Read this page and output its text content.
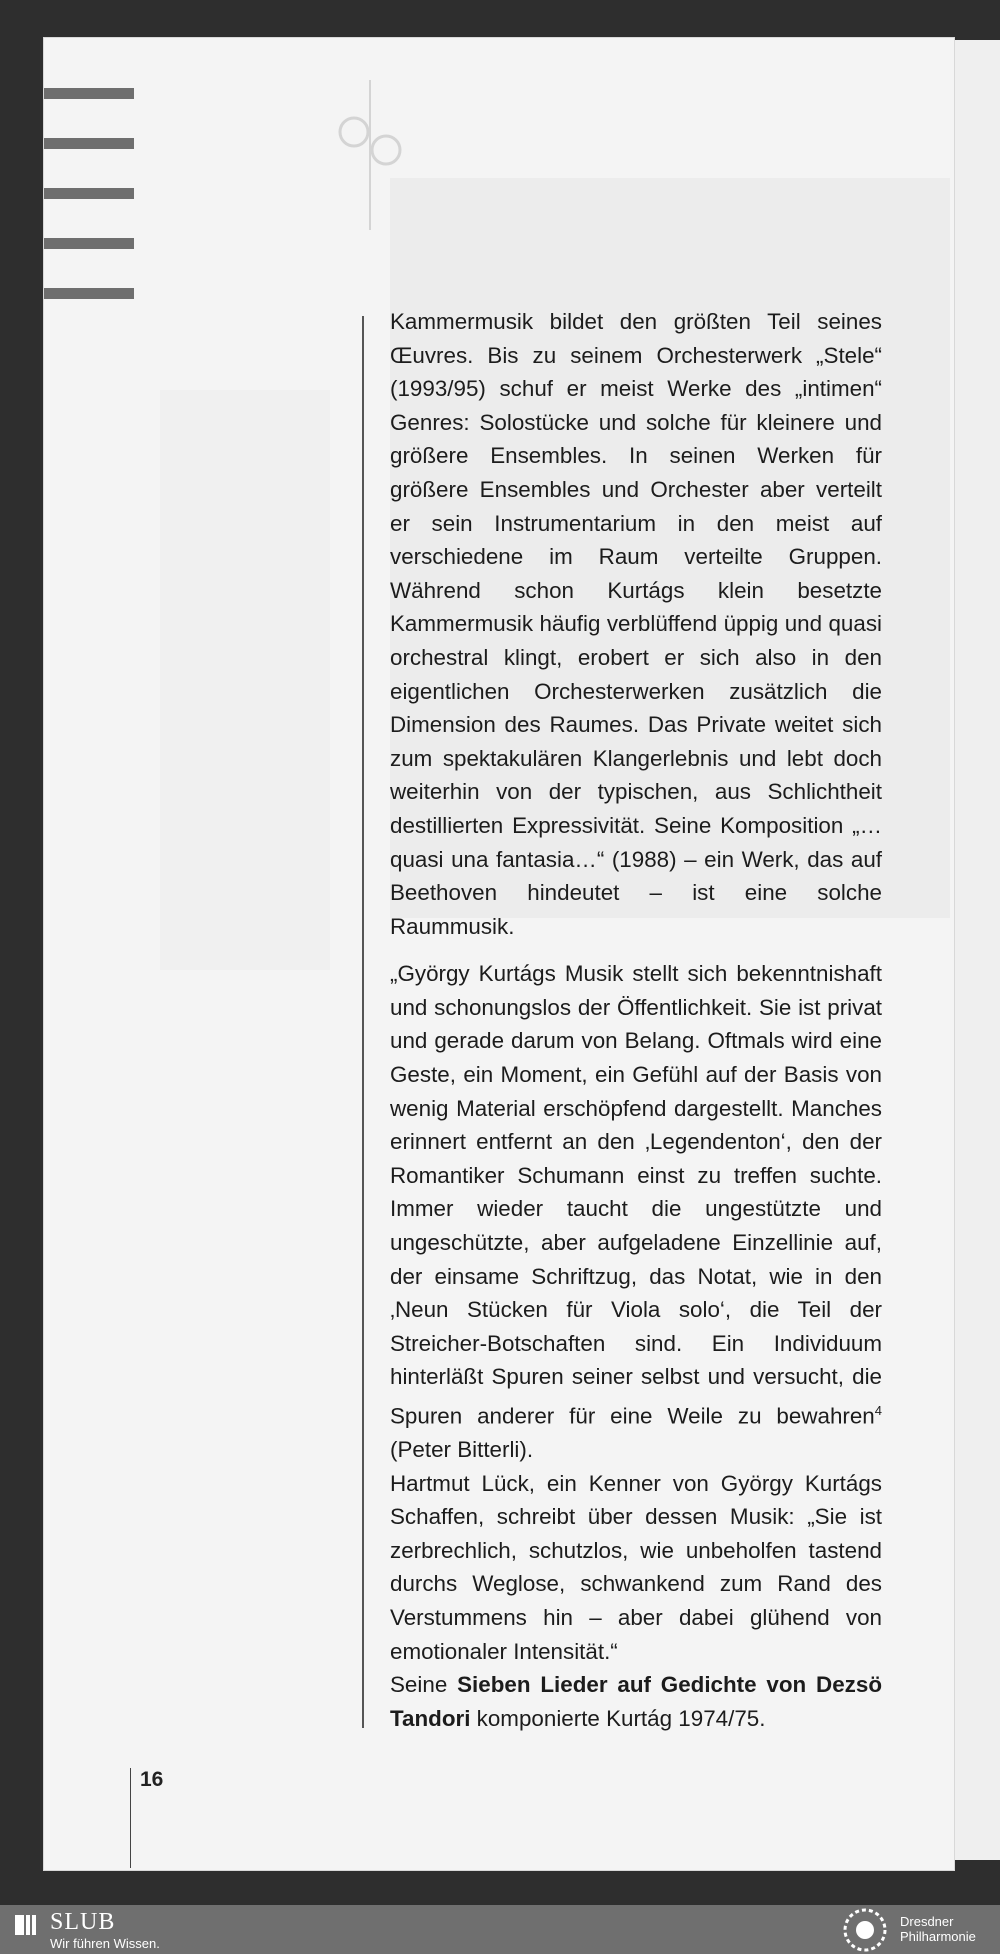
Kammermusik bildet den größten Teil seines Œuvres. Bis zu seinem Orchesterwerk „Stele“ (1993/95) schuf er meist Werke des „intimen“ Genres: Solostücke und solche für kleinere und größere Ensembles. In seinen Werken für größere Ensembles und Orchester aber verteilt er sein Instrumentarium in den meist auf verschiedene im Raum verteilte Gruppen. Während schon Kurtágs klein besetzte Kammermusik häufig verblüffend üppig und quasi orchestral klingt, erobert er sich also in den eigentlichen Orchesterwerken zusätzlich die Dimension des Raumes. Das Private weitet sich zum spektakulären Klangerlebnis und lebt doch weiterhin von der typischen, aus Schlichtheit destillierten Expressivität. Seine Komposition „…quasi una fantasia…“ (1988) – ein Werk, das auf Beethoven hindeutet – ist eine solche Raummusik.

„György Kurtágs Musik stellt sich bekenntnishaft und schonungslos der Öffentlichkeit. Sie ist privat und gerade darum von Belang. Oftmals wird eine Geste, ein Moment, ein Gefühl auf der Basis von wenig Material erschöpfend dargestellt. Manches erinnert entfernt an den ‚Legendenton‘, den der Romantiker Schumann einst zu treffen suchte. Immer wieder taucht die ungestützte und ungeschützte, aber aufgeladene Einzellinie auf, der einsame Schriftzug, das Notat, wie in den ‚Neun Stücken für Viola solo‘, die Teil der Streicher-Botschaften sind. Ein Individuum hinterläßt Spuren seiner selbst und versucht, die Spuren anderer für eine Weile zu bewahren$^4$ (Peter Bitterli).

Hartmut Lück, ein Kenner von György Kurtágs Schaffen, schreibt über dessen Musik: „Sie ist zerbrechlich, schutzlos, wie unbeholfen tastend durchs Weglose, schwankend zum Rand des Verstummens hin – aber dabei glühend von emotionaler Intensität.“

Seine Sieben Lieder auf Gedichte von Dezsö Tandori komponierte Kurtág 1974/75.

16
SLUB
Wir führen Wissen.
Dresdner
Philharmonie
